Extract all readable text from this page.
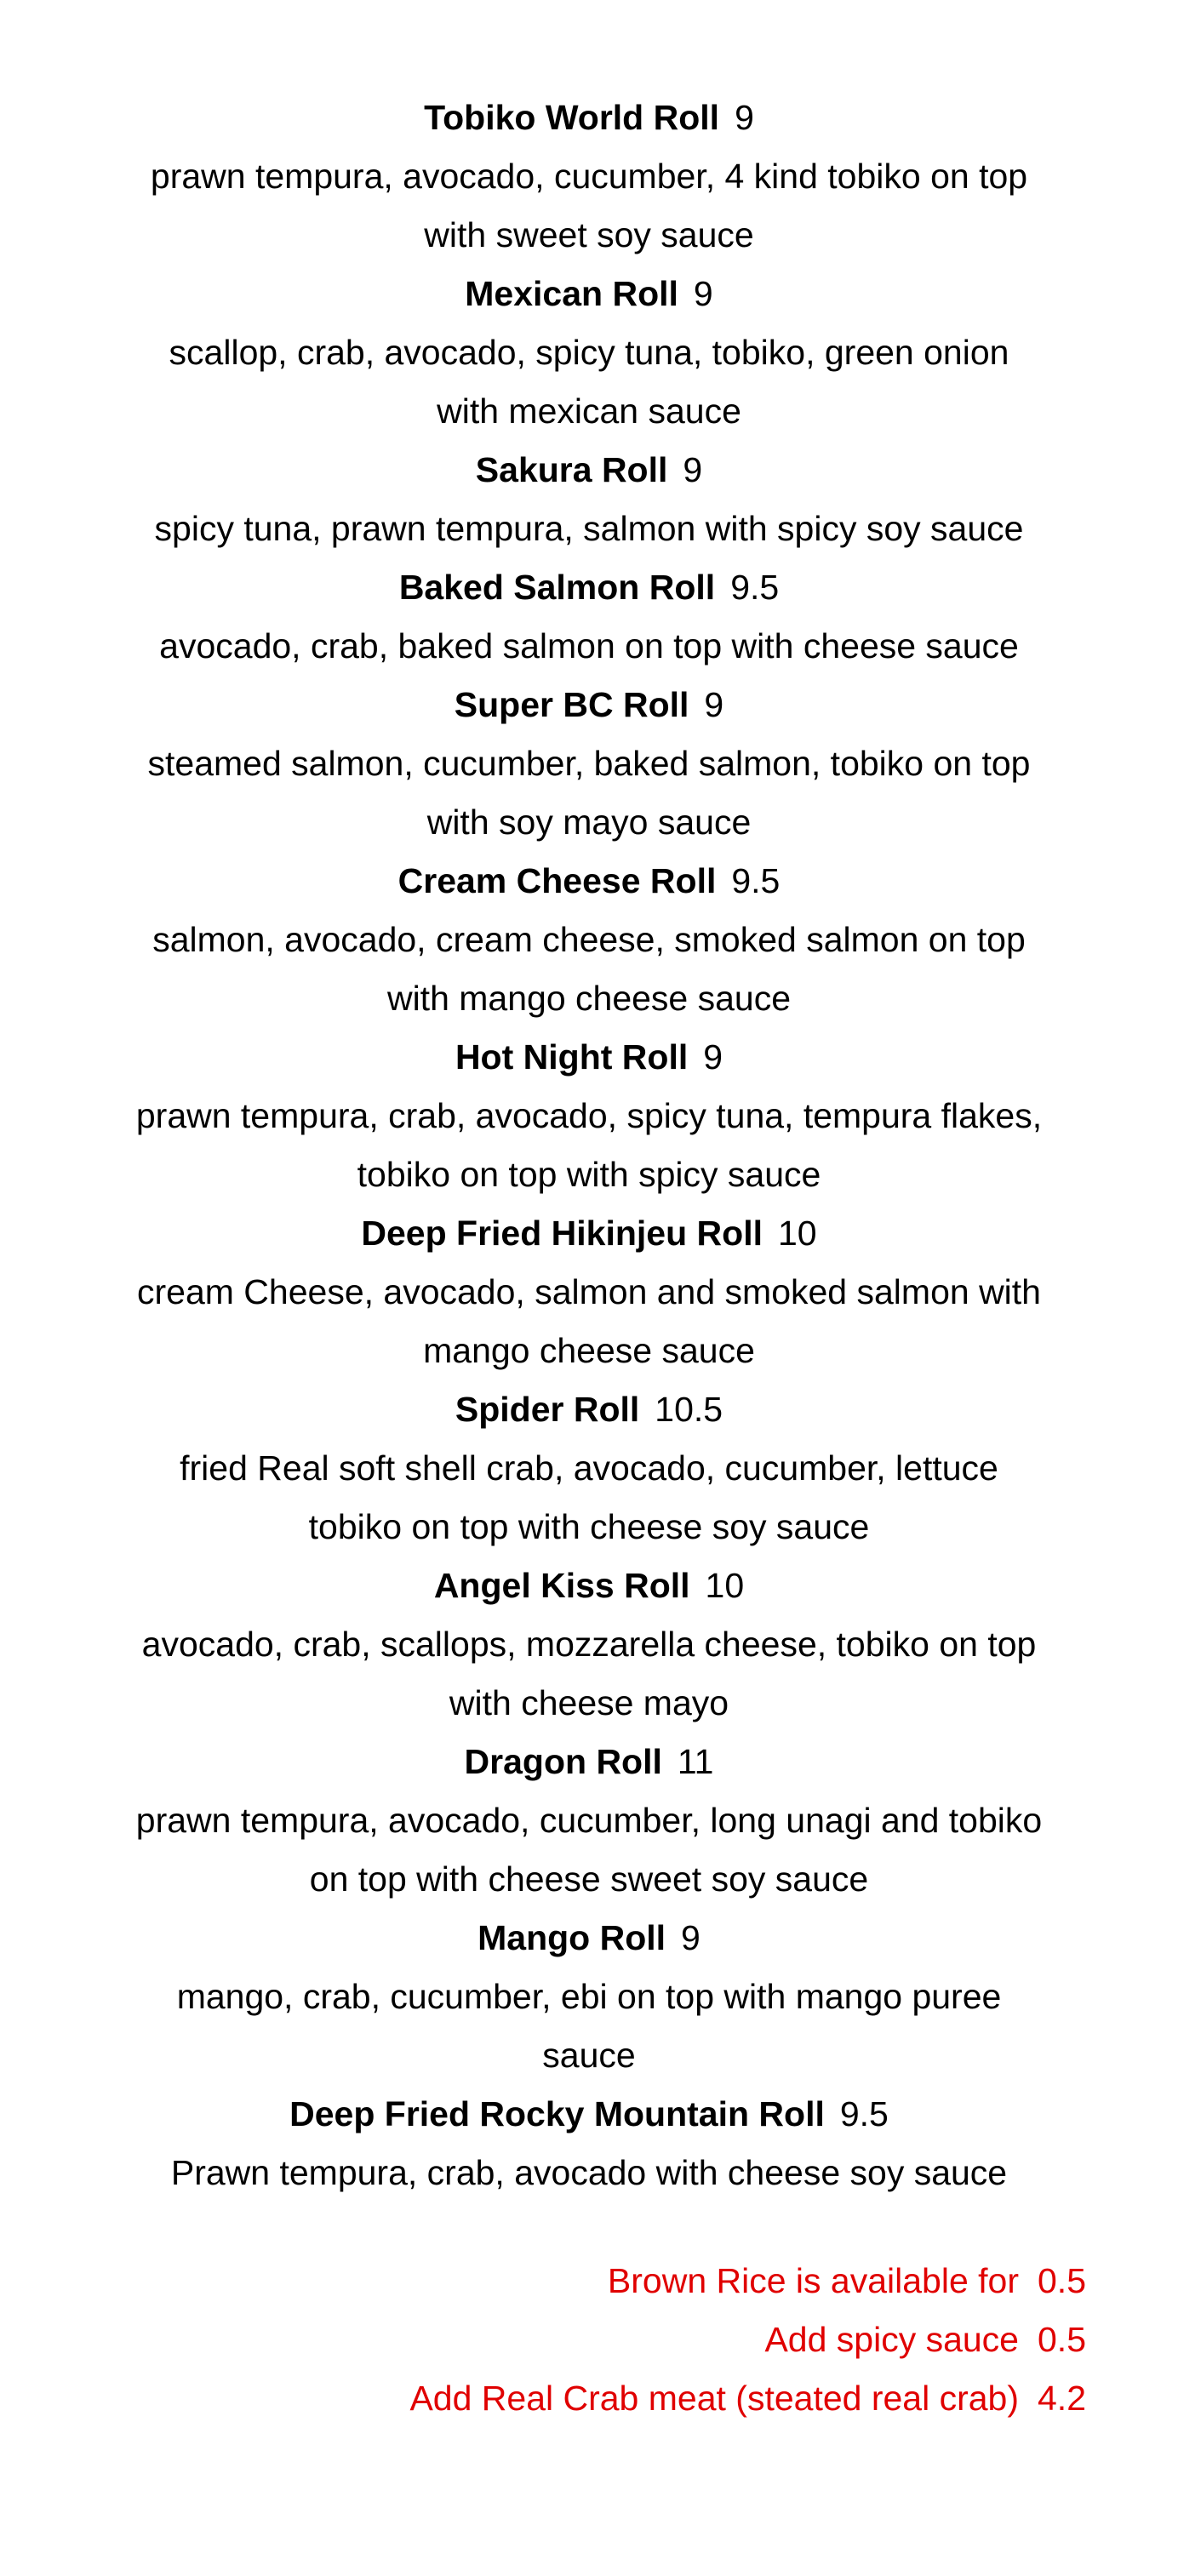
Tobiko World Roll 9
prawn tempura, avocado, cucumber, 4 kind tobiko on top
with sweet soy sauce
Mexican Roll 9
scallop, crab, avocado, spicy tuna, tobiko, green onion
with mexican sauce
Sakura Roll 9
spicy tuna, prawn tempura, salmon with spicy soy sauce
Baked Salmon Roll 9.5
avocado, crab, baked salmon on top with cheese sauce
Super BC Roll 9
steamed salmon, cucumber, baked salmon, tobiko on top
with soy mayo sauce
Cream Cheese Roll 9.5
salmon, avocado, cream cheese, smoked salmon on top
with mango cheese sauce
Hot Night Roll 9
prawn tempura, crab, avocado, spicy tuna, tempura flakes,
tobiko on top with spicy sauce
Deep Fried Hikinjeu Roll 10
cream Cheese, avocado, salmon and smoked salmon with
mango cheese sauce
Spider Roll 10.5
fried Real soft shell crab, avocado, cucumber, lettuce
tobiko on top with cheese soy sauce
Angel Kiss Roll 10
avocado, crab, scallops, mozzarella cheese, tobiko on top
with cheese mayo
Dragon Roll 11
prawn tempura, avocado, cucumber, long unagi and tobiko
on top with cheese sweet soy sauce
Mango Roll 9
mango, crab, cucumber, ebi on top with mango puree
sauce
Deep Fried Rocky Mountain Roll 9.5
Prawn tempura, crab, avocado with cheese soy sauce
Brown Rice is available for 0.5
Add spicy sauce 0.5
Add Real Crab meat (steated real crab) 4.2
